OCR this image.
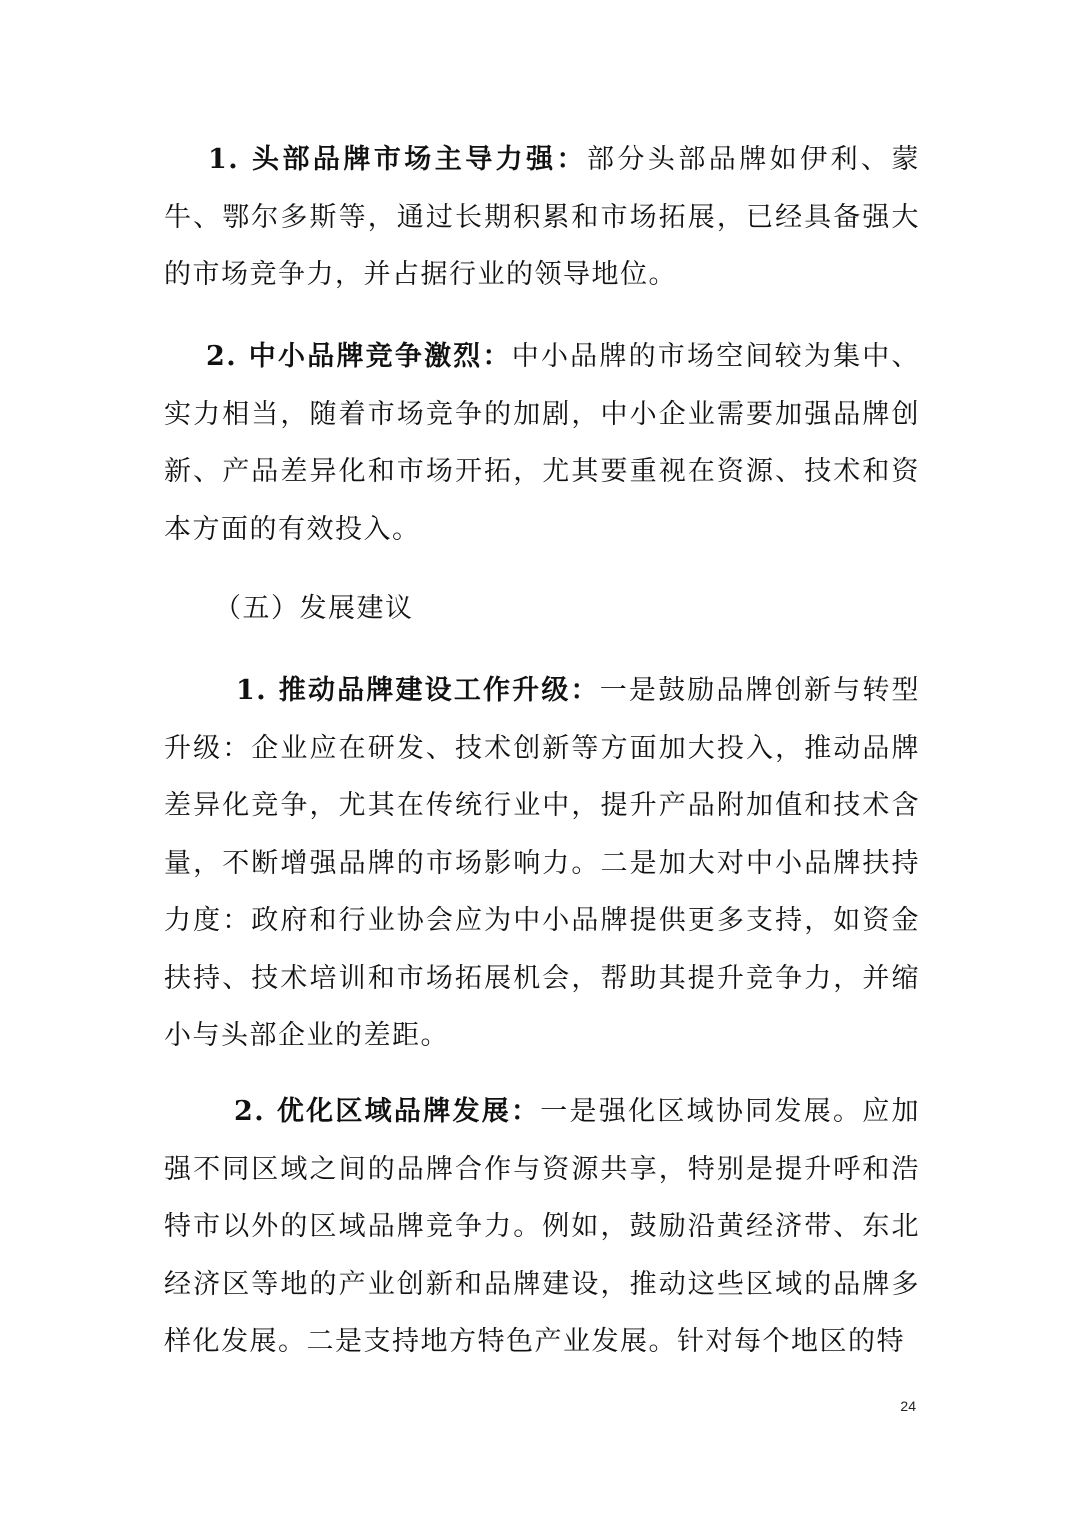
1. 头部品牌市场主导力强：部分头部品牌如伊利、蒙牛、鄂尔多斯等，通过长期积累和市场拓展，已经具备强大的市场竞争力，并占据行业的领导地位。

2. 中小品牌竞争激烈：中小品牌的市场空间较为集中、实力相当，随着市场竞争的加剧，中小企业需要加强品牌创新、产品差异化和市场开拓，尤其要重视在资源、技术和资本方面的有效投入。

（五）发展建议

1. 推动品牌建设工作升级：一是鼓励品牌创新与转型升级：企业应在研发、技术创新等方面加大投入，推动品牌差异化竞争，尤其在传统行业中，提升产品附加值和技术含量，不断增强品牌的市场影响力。二是加大对中小品牌扶持力度：政府和行业协会应为中小品牌提供更多支持，如资金扶持、技术培训和市场拓展机会，帮助其提升竞争力，并缩小与头部企业的差距。

2. 优化区域品牌发展：一是强化区域协同发展。应加强不同区域之间的品牌合作与资源共享，特别是提升呼和浩特市以外的区域品牌竞争力。例如，鼓励沿黄经济带、东北经济区等地的产业创新和品牌建设，推动这些区域的品牌多样化发展。二是支持地方特色产业发展。针对每个地区的特

24
